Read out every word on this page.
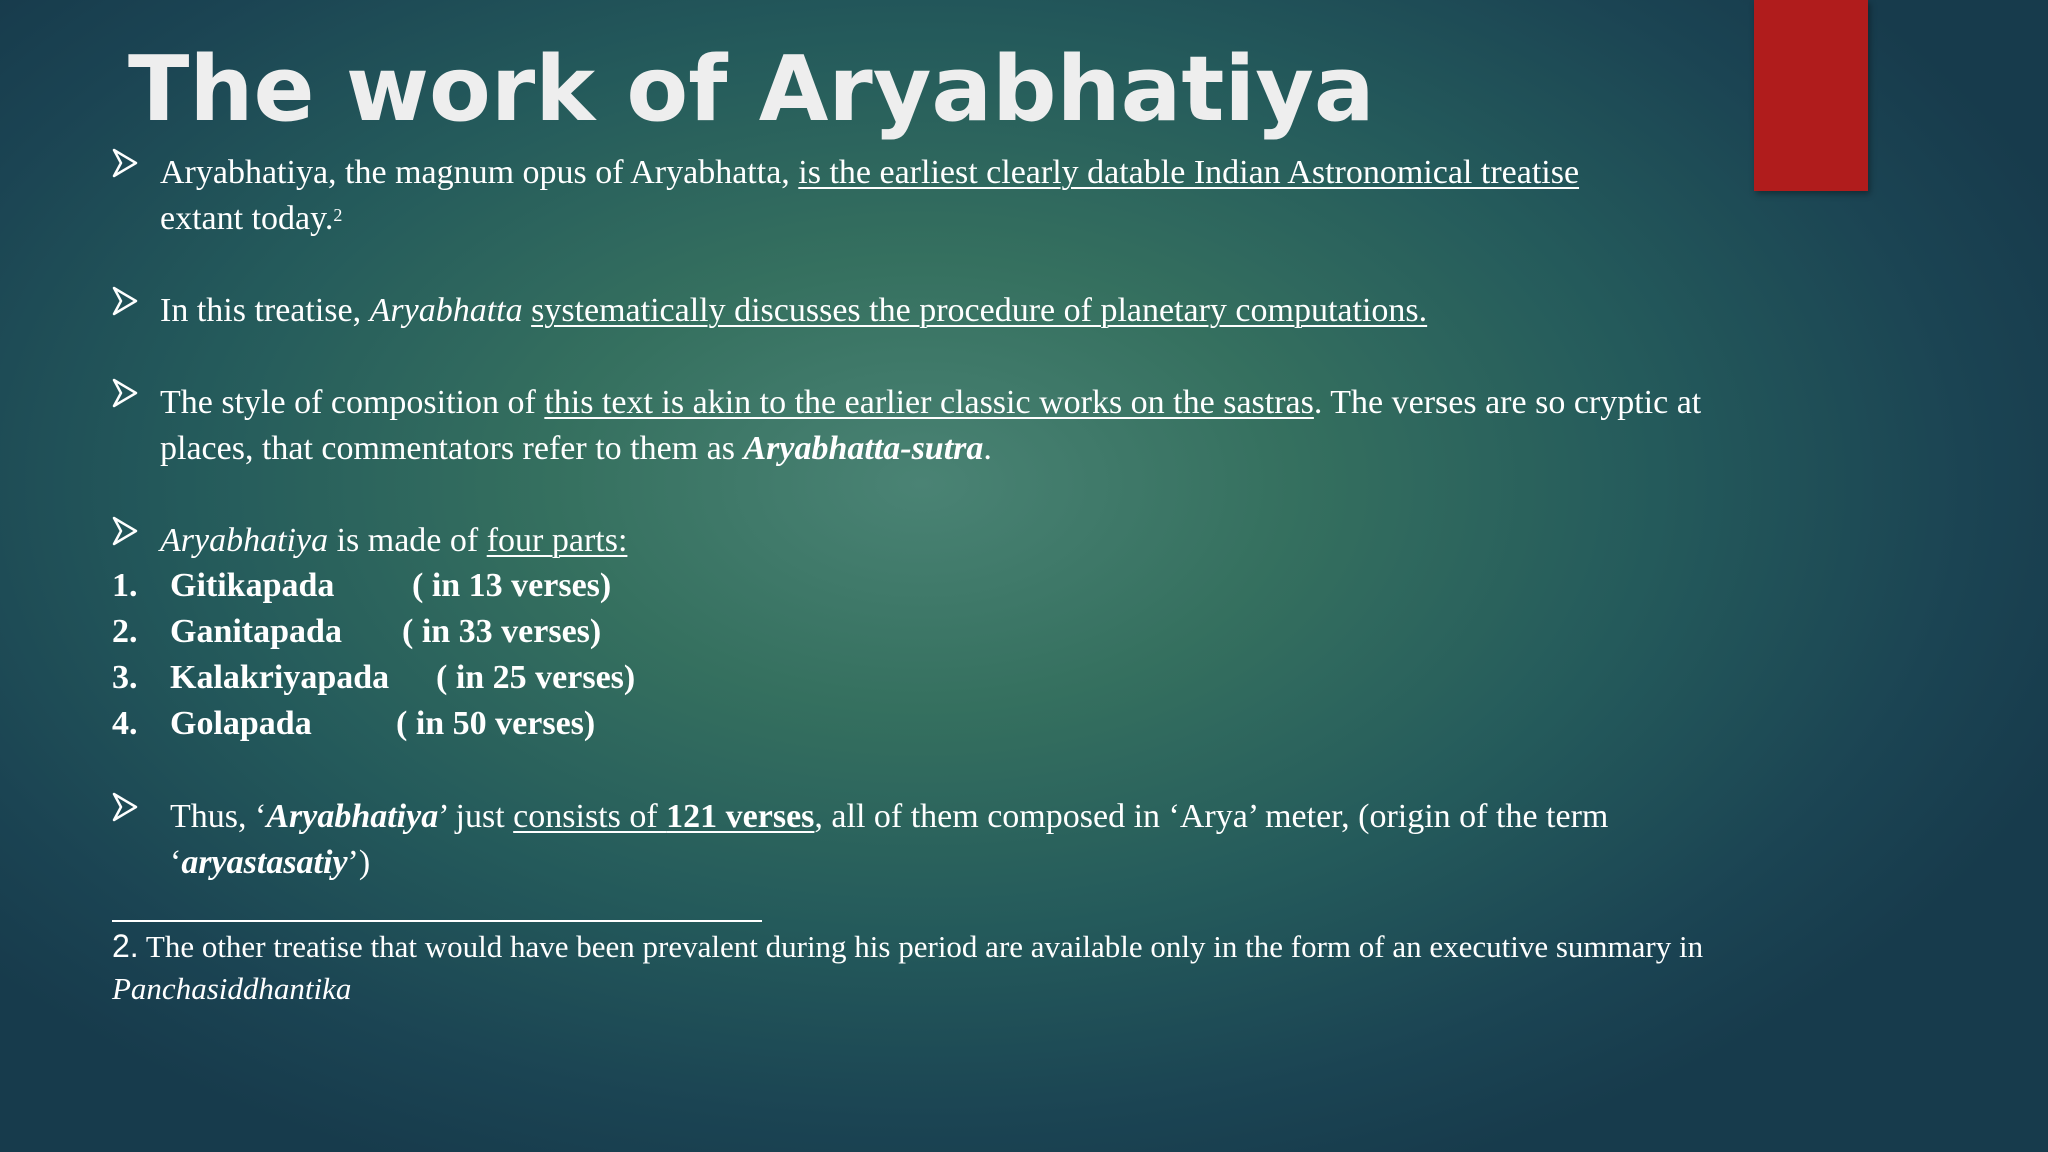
The work of Aryabhatiya
Aryabhatiya, the magnum opus of Aryabhatta, is the earliest clearly datable Indian Astronomical treatise
extant today.$^2$
In this treatise, Aryabhatta systematically discusses the procedure of planetary computations.
The style of composition of this text is akin to the earlier classic works on the sastras. The verses are so cryptic at places, that commentators refer to them as Aryabhatta-sutra.
Aryabhatiya is made of four parts:
1. Gitikapada ( in 13 verses)
2. Ganitapada ( in 33 verses)
3. Kalakriyapada ( in 25 verses)
4. Golapada ( in 50 verses)
Thus, ‘Aryabhatiya’ just consists of 121 verses, all of them composed in ‘Arya’ meter, (origin of the term ‘aryastasatiy’)
2. The other treatise that would have been prevalent during his period are available only in the form of an executive summary in Panchasiddhantika
